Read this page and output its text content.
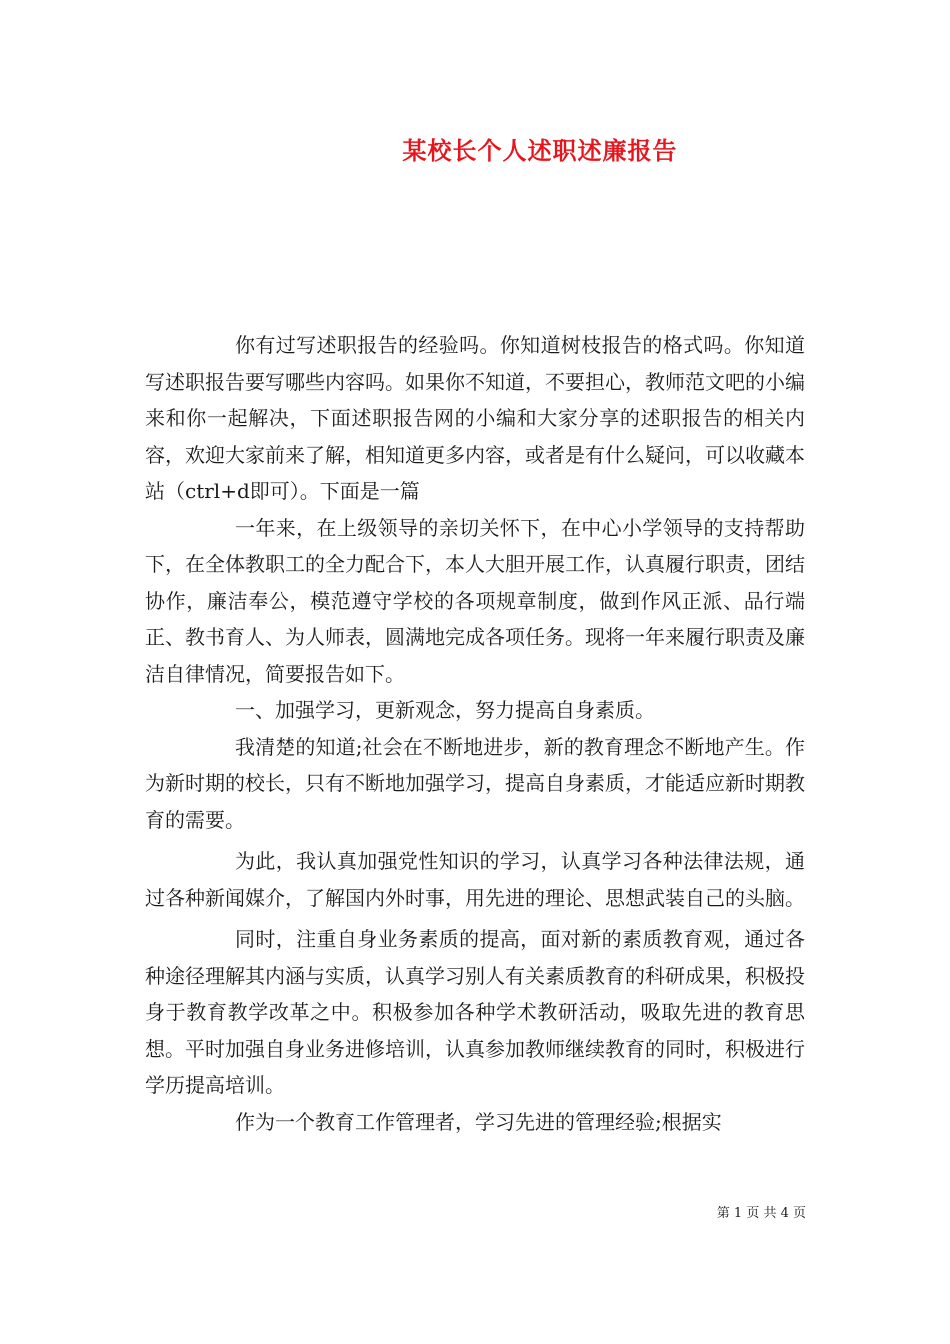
某校长个人述职述廉报告

你有过写述职报告的经验吗。你知道树枝报告的格式吗。你知道写述职报告要写哪些内容吗。如果你不知道，不要担心，教师范文吧的小编来和你一起解决，下面述职报告网的小编和大家分享的述职报告的相关内容，欢迎大家前来了解，相知道更多内容，或者是有什么疑问，可以收藏本站（ctrl+d即可）。下面是一篇

一年来，在上级领导的亲切关怀下，在中心小学领导的支持帮助下，在全体教职工的全力配合下，本人大胆开展工作，认真履行职责，团结协作，廉洁奉公，模范遵守学校的各项规章制度，做到作风正派、品行端正、教书育人、为人师表，圆满地完成各项任务。现将一年来履行职责及廉洁自律情况，简要报告如下。

一、加强学习，更新观念，努力提高自身素质。

我清楚的知道;社会在不断地进步，新的教育理念不断地产生。作为新时期的校长，只有不断地加强学习，提高自身素质，才能适应新时期教育的需要。

为此，我认真加强党性知识的学习，认真学习各种法律法规，通过各种新闻媒介，了解国内外时事，用先进的理论、思想武装自己的头脑。

同时，注重自身业务素质的提高，面对新的素质教育观，通过各种途径理解其内涵与实质，认真学习别人有关素质教育的科研成果，积极投身于教育教学改革之中。积极参加各种学术教研活动，吸取先进的教育思想。平时加强自身业务进修培训，认真参加教师继续教育的同时，积极进行学历提高培训。

作为一个教育工作管理者，学习先进的管理经验;根据实

第 1 页 共 4 页
